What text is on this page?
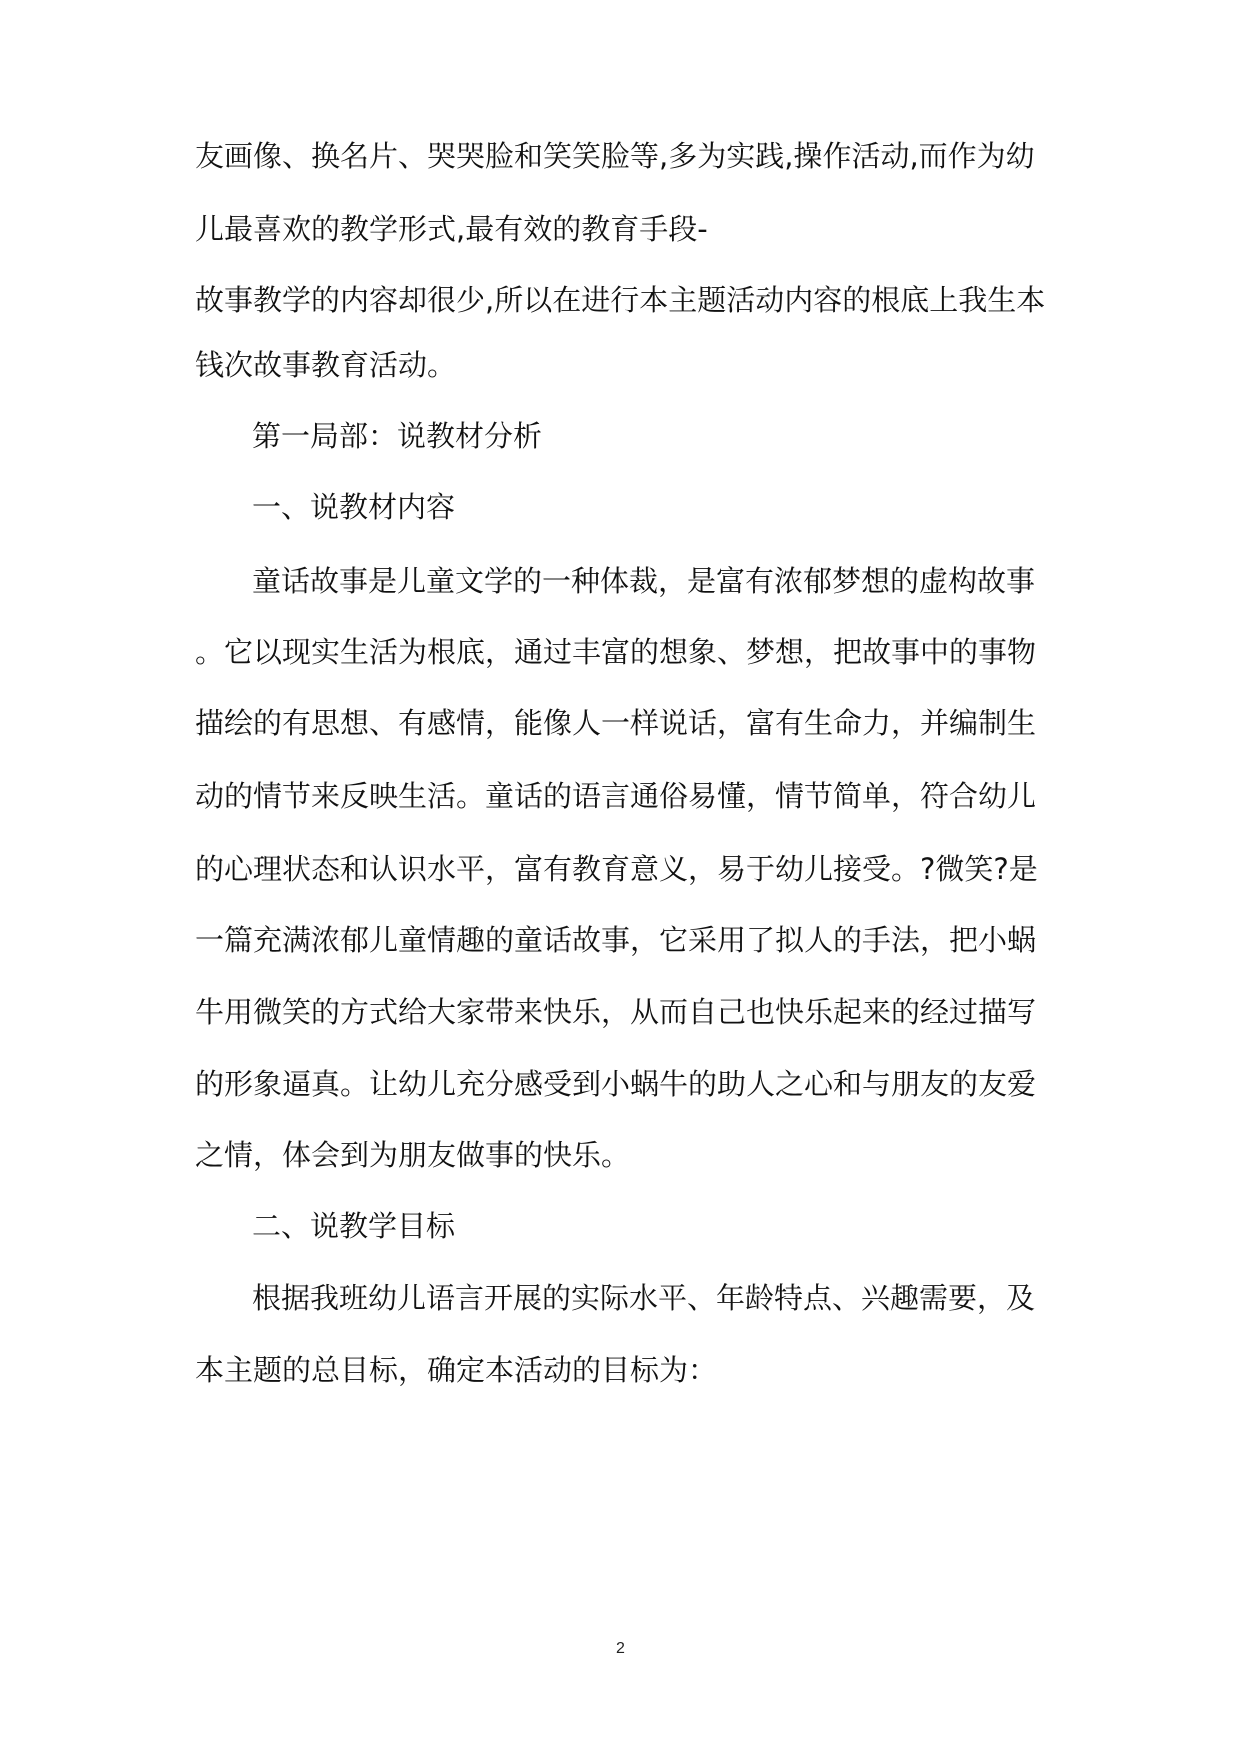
友画像、换名片、哭哭脸和笑笑脸等,多为实践,操作活动,而作为幼
儿最喜欢的教学形式,最有效的教育手段-
故事教学的内容却很少,所以在进行本主题活动内容的根底上我生本
钱次故事教育活动。
第一局部：说教材分析
一、说教材内容
童话故事是儿童文学的一种体裁，是富有浓郁梦想的虚构故事
。它以现实生活为根底，通过丰富的想象、梦想，把故事中的事物
描绘的有思想、有感情，能像人一样说话，富有生命力，并编制生
动的情节来反映生活。童话的语言通俗易懂，情节简单，符合幼儿
的心理状态和认识水平，富有教育意义，易于幼儿接受。?微笑?是
一篇充满浓郁儿童情趣的童话故事，它采用了拟人的手法，把小蜗
牛用微笑的方式给大家带来快乐，从而自己也快乐起来的经过描写
的形象逼真。让幼儿充分感受到小蜗牛的助人之心和与朋友的友爱
之情，体会到为朋友做事的快乐。
二、说教学目标
根据我班幼儿语言开展的实际水平、年龄特点、兴趣需要，及
本主题的总目标，确定本活动的目标为：
2
